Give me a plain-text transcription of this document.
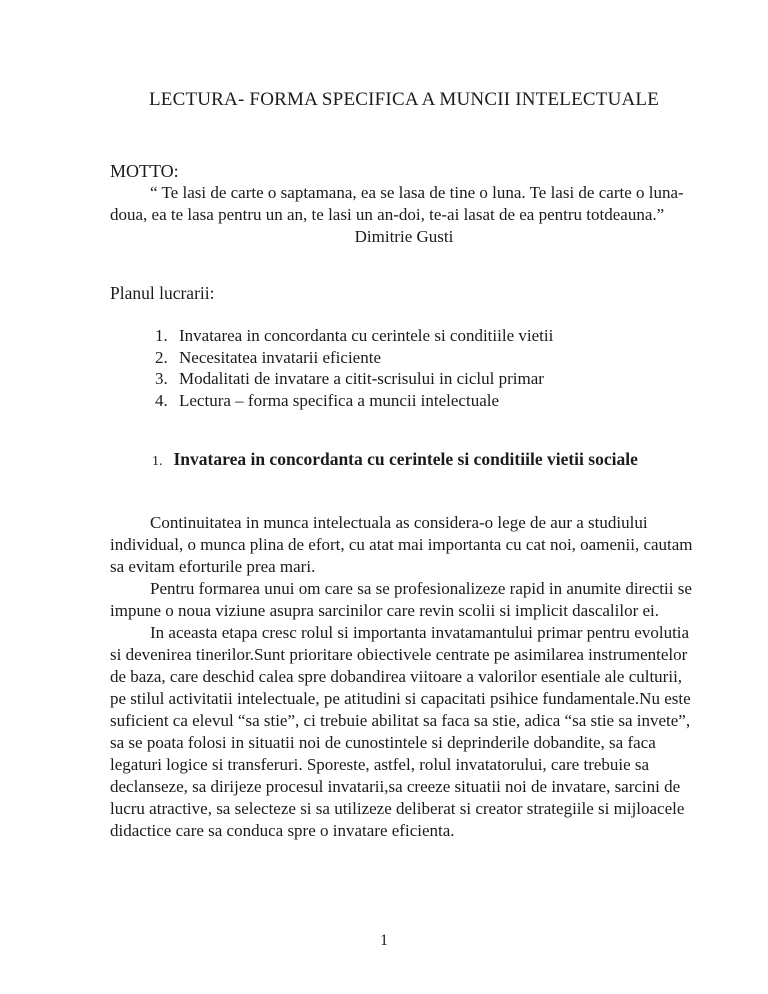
LECTURA- FORMA SPECIFICA A MUNCII INTELECTUALE
MOTTO:

“ Te lasi de carte o saptamana, ea se lasa de tine o luna. Te lasi de carte o luna-doua, ea te lasa pentru un an, te lasi un an-doi, te-ai lasat de ea pentru totdeauna.”

Dimitrie Gusti
Planul lucrarii:
1. Invatarea in concordanta cu cerintele si conditiile vietii
2. Necesitatea invatarii eficiente
3. Modalitati de invatare a citit-scrisului in ciclul primar
4. Lectura – forma specifica a muncii intelectuale
1. Invatarea in concordanta cu cerintele si conditiile vietii sociale

Continuitatea in munca intelectuala as considera-o lege de aur a studiului individual, o munca plina de efort, cu atat mai importanta cu cat noi, oamenii, cautam sa evitam eforturile prea mari.

Pentru formarea unui om care sa se profesionalizeze rapid in anumite directii se impune o noua viziune asupra sarcinilor care revin scolii si implicit dascalilor ei.

In aceasta etapa cresc rolul si importanta invatamantului primar pentru evolutia si devenirea tinerilor.Sunt prioritare obiectivele centrate pe asimilarea instrumentelor de baza, care deschid calea spre dobandirea viitoare a valorilor esentiale ale culturii, pe stilul activitatii intelectuale, pe atitudini si capacitati psihice fundamentale.Nu este suficient ca elevul “sa stie”, ci trebuie abilitat sa faca sa stie, adica “sa stie sa invete”, sa se poata folosi in situatii noi de cunostintele si deprinderile dobandite, sa faca legaturi logice si transferuri. Sporeste, astfel, rolul invatatorului, care trebuie sa declanseze, sa dirijeze procesul invatarii,sa creeze situatii noi de invatare, sarcini de lucru atractive, sa selecteze si sa utilizeze deliberat si creator strategiile si mijloacele didactice care sa conduca spre o invatare eficienta.

1
